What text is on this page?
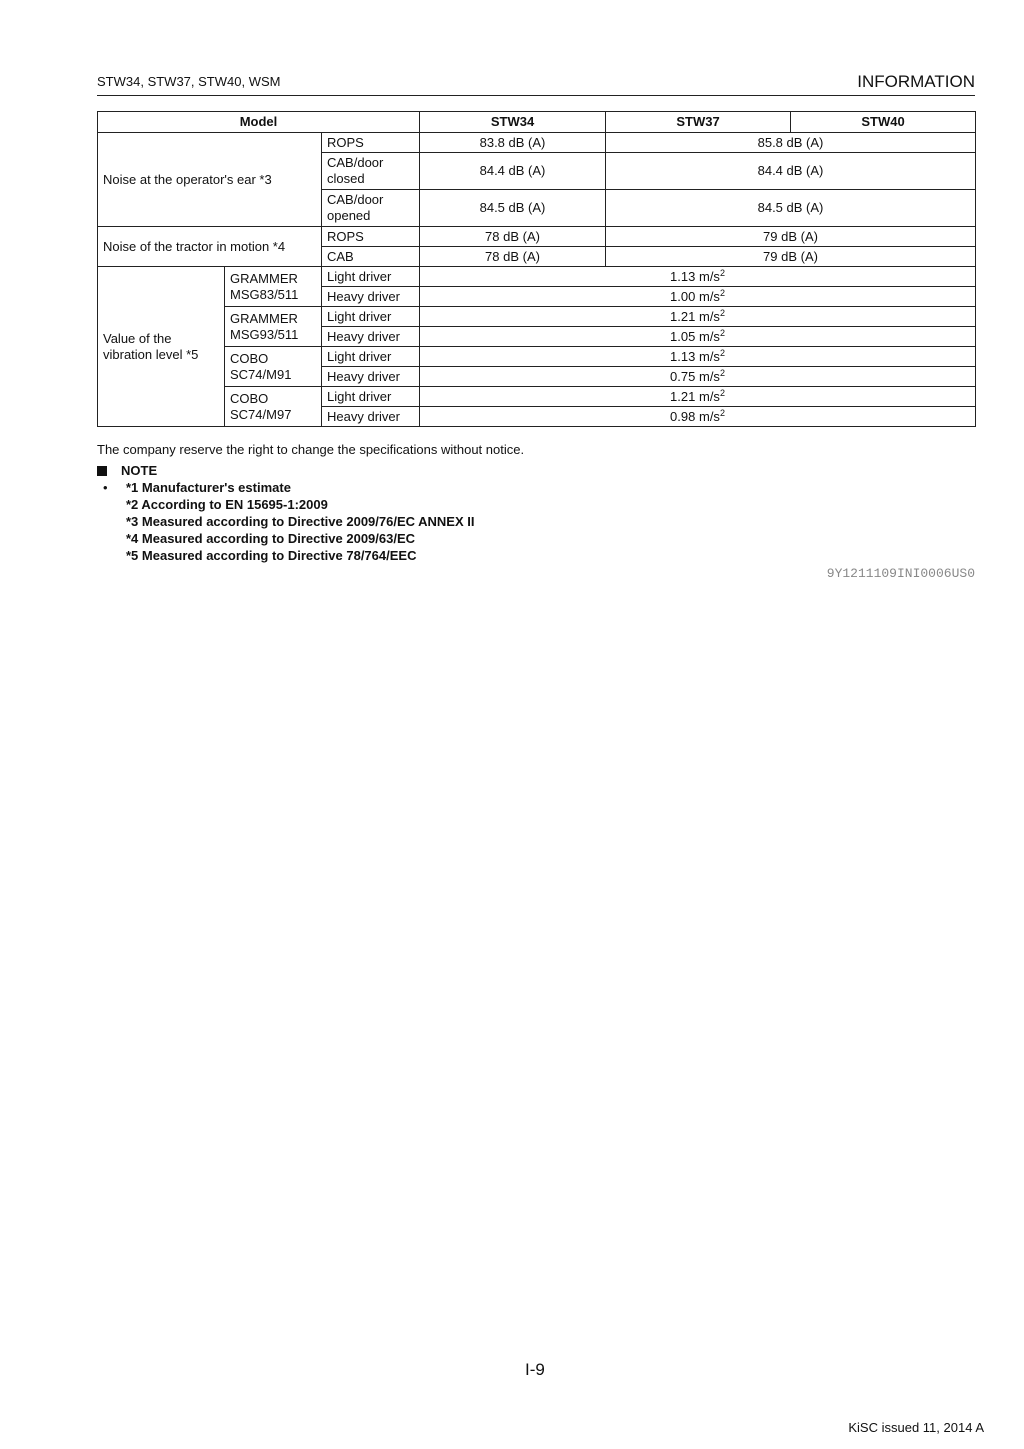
STW34, STW37, STW40, WSM	INFORMATION
Model			STW34	STW37	STW40
Noise at the operator's ear *3		ROPS	83.8 dB (A)	85.8 dB (A)	
		CAB/door closed	84.4 dB (A)	84.4 dB (A)	
		CAB/door opened	84.5 dB (A)	84.5 dB (A)	
Noise of the tractor in motion *4		ROPS	78 dB (A)	79 dB (A)	
		CAB	78 dB (A)	79 dB (A)	
Value of the vibration level *5	GRAMMER MSG83/511	Light driver	1.13 $m/s^2$
		Heavy driver	1.00 $m/s^2$
	GRAMMER MSG93/511	Light driver	1.21 $m/s^2$
		Heavy driver	1.05 $m/s^2$
	COBO SC74/M91	Light driver	1.13 $m/s^2$
		Heavy driver	0.75 $m/s^2$
	COBO SC74/M97	Light driver	1.21 $m/s^2$
		Heavy driver	0.98 $m/s^2$
The company reserve the right to change the specifications without notice.
NOTE
• *1 Manufacturer's estimate
*2 According to EN 15695-1:2009
*3 Measured according to Directive 2009/76/EC ANNEX II
*4 Measured according to Directive 2009/63/EC
*5 Measured according to Directive 78/764/EEC
9Y1211109INI0006US0
I-9
KiSC issued 11, 2014 A
